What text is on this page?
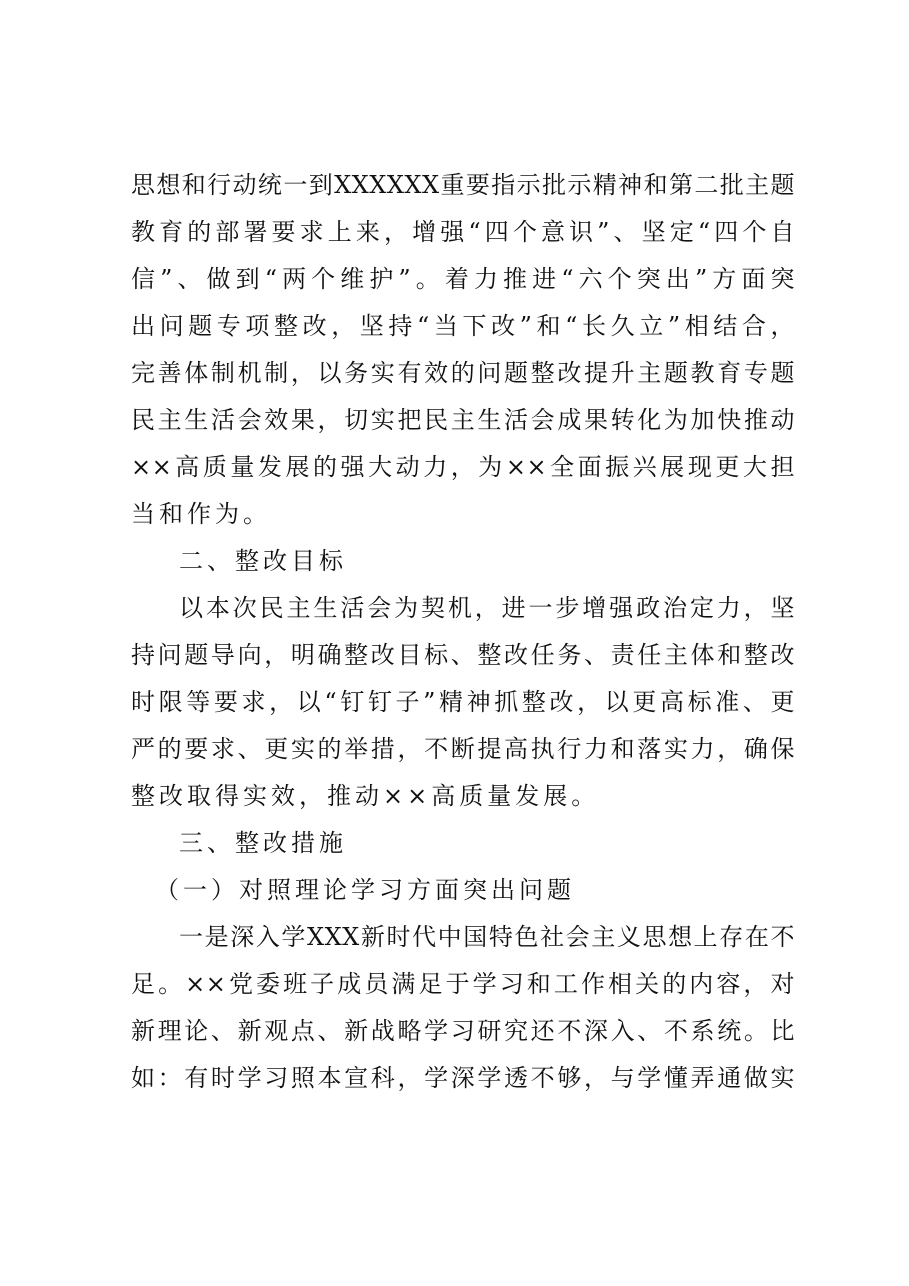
思想和行动统一到XXXXXX重要指示批示精神和第二批主题
教育的部署要求上来，增强“四个意识”、坚定“四个自
信”、做到“两个维护”。着力推进“六个突出”方面突
出问题专项整改，坚持“当下改”和“长久立”相结合，
完善体制机制，以务实有效的问题整改提升主题教育专题
民主生活会效果，切实把民主生活会成果转化为加快推动
××高质量发展的强大动力，为××全面振兴展现更大担
当和作为。
二、整改目标
以本次民主生活会为契机，进一步增强政治定力，坚
持问题导向，明确整改目标、整改任务、责任主体和整改
时限等要求，以“钉钉子”精神抓整改，以更高标准、更
严的要求、更实的举措，不断提高执行力和落实力，确保
整改取得实效，推动××高质量发展。
三、整改措施
（一）对照理论学习方面突出问题
一是深入学XXX新时代中国特色社会主义思想上存在不
足。××党委班子成员满足于学习和工作相关的内容，对
新理论、新观点、新战略学习研究还不深入、不系统。比
如：有时学习照本宣科，学深学透不够，与学懂弄通做实
